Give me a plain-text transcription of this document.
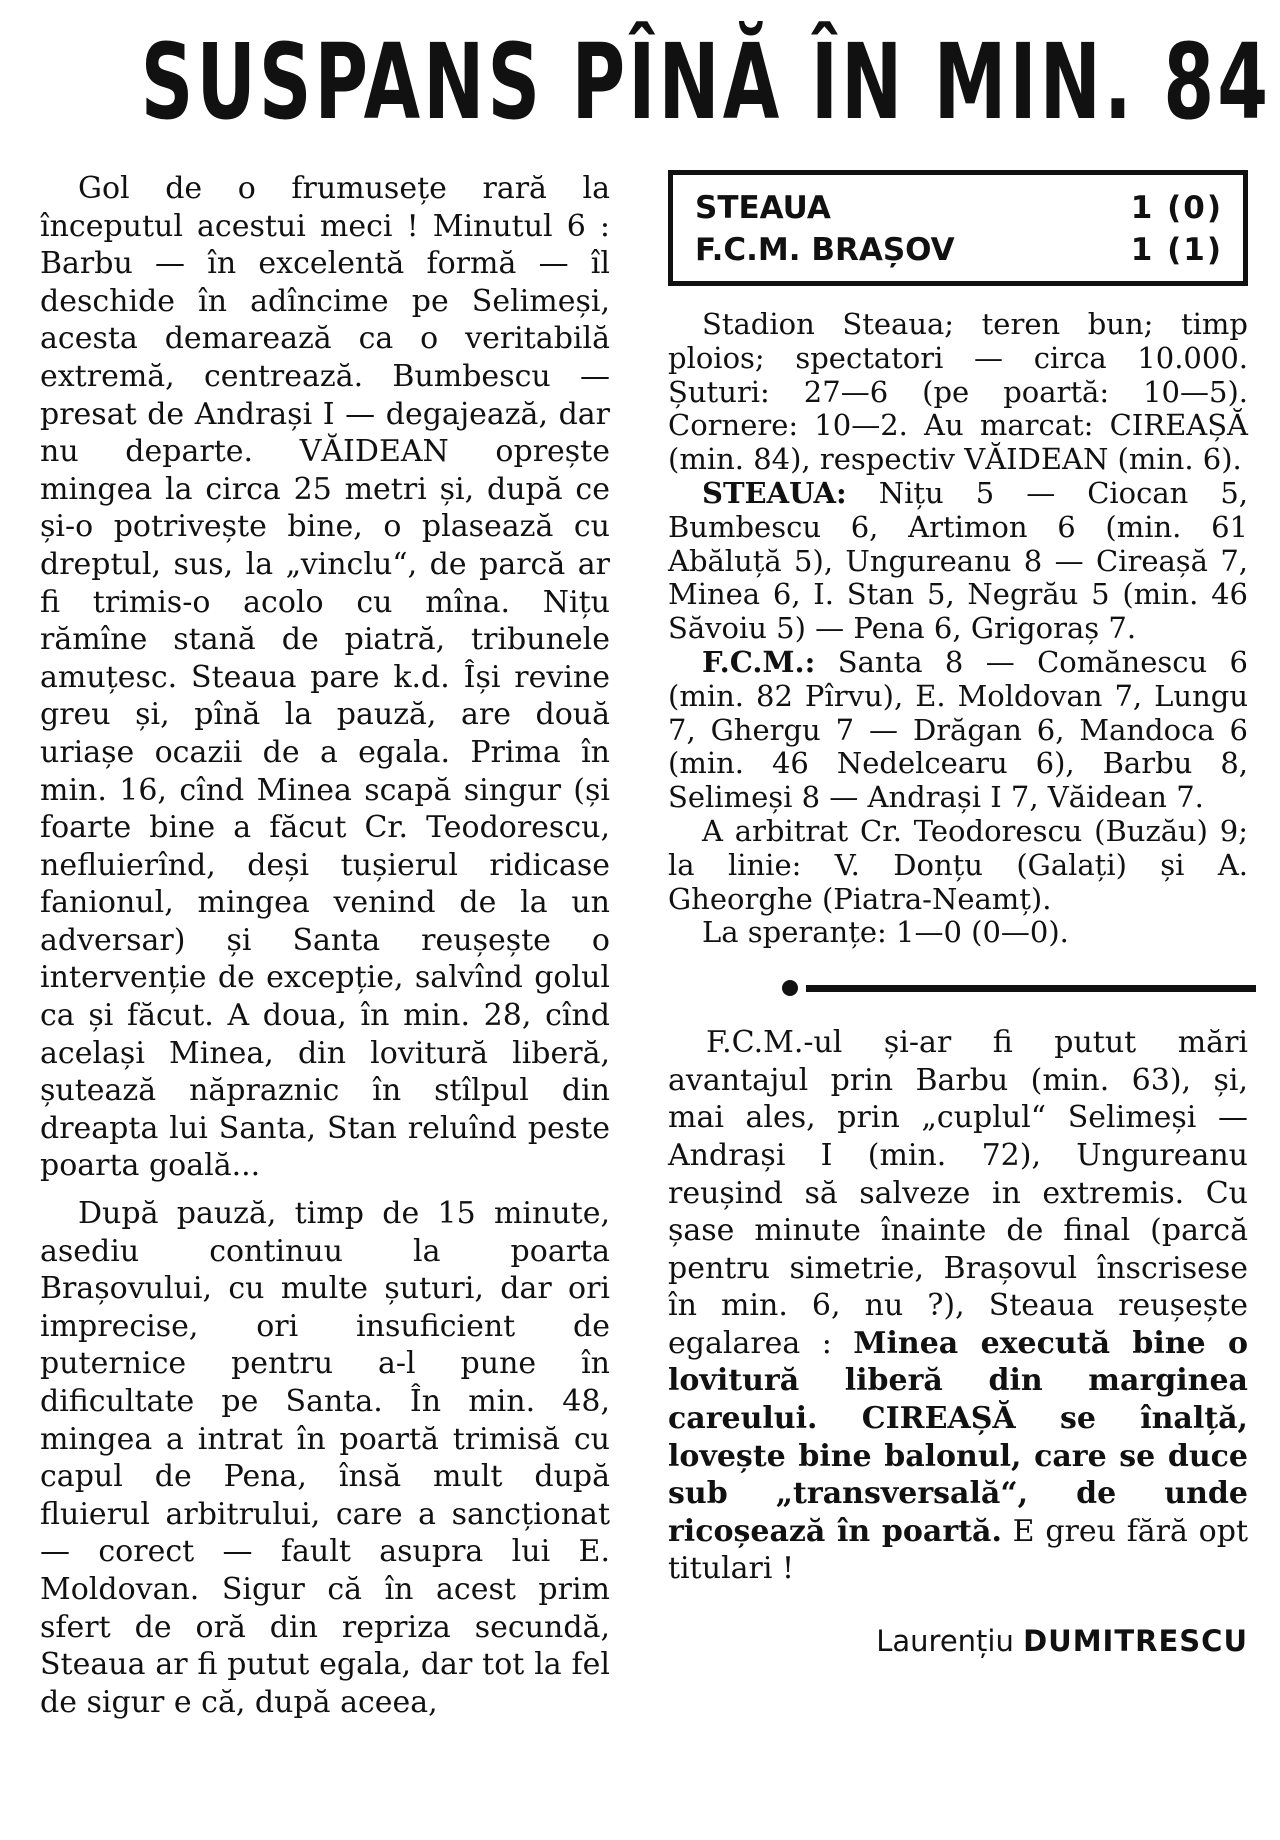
SUSPANS PÎNĂ ÎN MIN. 84

Gol de o frumusețe rară la începutul acestui meci ! Minutul 6 : Barbu — în excelentă formă — îl deschide în adîncime pe Selimeși, acesta demarează ca o veritabilă extremă, centrează. Bumbescu — presat de Andrași I — degajează, dar nu departe. VĂIDEAN oprește mingea la circa 25 metri și, după ce și-o potrivește bine, o plasează cu dreptul, sus, la „vinclu“, de parcă ar fi trimis-o acolo cu mîna. Nițu rămîne stană de piatră, tribunele amuțesc. Steaua pare k.d. Își revine greu și, pînă la pauză, are două uriașe ocazii de a egala. Prima în min. 16, cînd Minea scapă singur (și foarte bine a făcut Cr. Teodorescu, nefluierînd, deși tușierul ridicase fanionul, mingea venind de la un adversar) și Santa reușește o intervenție de excepție, salvînd golul ca și făcut. A doua, în min. 28, cînd același Minea, din lovitură liberă, șutează năpraznic în stîlpul din dreapta lui Santa, Stan reluînd peste poarta goală...

După pauză, timp de 15 minute, asediu continuu la poarta Brașovului, cu multe șuturi, dar ori imprecise, ori insuficient de puternice pentru a-l pune în dificultate pe Santa. În min. 48, mingea a intrat în poartă trimisă cu capul de Pena, însă mult după fluierul arbitrului, care a sancționat — corect — fault asupra lui E. Moldovan. Sigur că în acest prim sfert de oră din repriza secundă, Steaua ar fi putut egala, dar tot la fel de sigur e că, după aceea,

STEAUA	1 (0)
F.C.M. BRAȘOV	1 (1)

Stadion Steaua; teren bun; timp ploios; spectatori — circa 10.000. Șuturi: 27—6 (pe poartă: 10—5). Cornere: 10—2. Au marcat: CIREAȘĂ (min. 84), respectiv VĂIDEAN (min. 6).

STEAUA: Nițu 5 — Ciocan 5, Bumbescu 6, Artimon 6 (min. 61 Abăluță 5), Ungureanu 8 — Cireașă 7, Minea 6, I. Stan 5, Negrău 5 (min. 46 Săvoiu 5) — Pena 6, Grigoraș 7.

F.C.M.: Santa 8 — Comănescu 6 (min. 82 Pîrvu), E. Moldovan 7, Lungu 7, Ghergu 7 — Drăgan 6, Mandoca 6 (min. 46 Nedelcearu 6), Barbu 8, Selimeși 8 — Andrași I 7, Văidean 7.

A arbitrat Cr. Teodorescu (Buzău) 9; la linie: V. Donțu (Galați) și A. Gheorghe (Piatra-Neamț).

La speranțe: 1—0 (0—0).

F.C.M.-ul și-ar fi putut mări avantajul prin Barbu (min. 63), și, mai ales, prin „cuplul“ Selimeși — Andrași I (min. 72), Ungureanu reușind să salveze in extremis. Cu șase minute înainte de final (parcă pentru simetrie, Brașovul înscrisese în min. 6, nu ?), Steaua reușește egalarea : Minea execută bine o lovitură liberă din marginea careului. CIREAȘĂ se înalță, lovește bine balonul, care se duce sub „transversală“, de unde ricoșează în poartă. E greu fără opt titulari !

Laurențiu DUMITRESCU
